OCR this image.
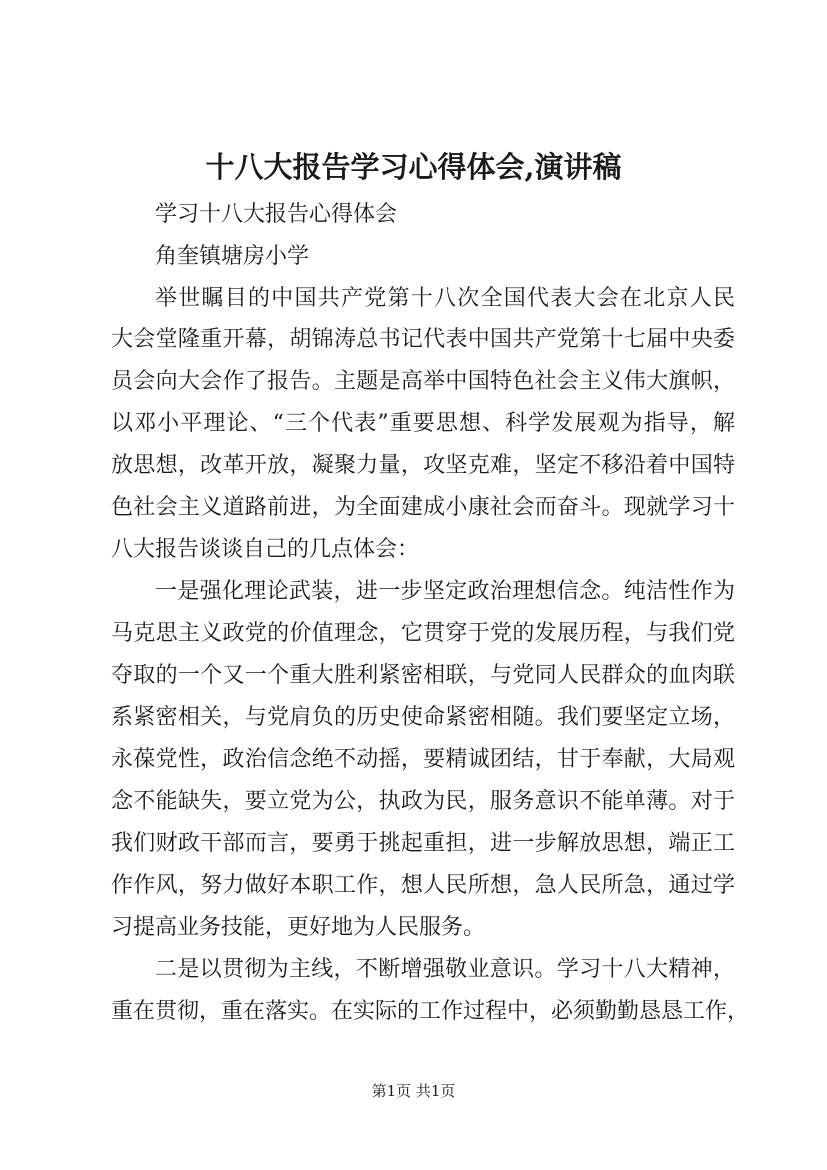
十八大报告学习心得体会,演讲稿
学习十八大报告心得体会
角奎镇塘房小学
举世瞩目的中国共产党第十八次全国代表大会在北京人民
大会堂隆重开幕，胡锦涛总书记代表中国共产党第十七届中央委
员会向大会作了报告。主题是高举中国特色社会主义伟大旗帜，
以邓小平理论、“三个代表”重要思想、科学发展观为指导，解
放思想，改革开放，凝聚力量，攻坚克难，坚定不移沿着中国特
色社会主义道路前进，为全面建成小康社会而奋斗。现就学习十
八大报告谈谈自己的几点体会：
一是强化理论武装，进一步坚定政治理想信念。纯洁性作为
马克思主义政党的价值理念，它贯穿于党的发展历程，与我们党
夺取的一个又一个重大胜利紧密相联，与党同人民群众的血肉联
系紧密相关，与党肩负的历史使命紧密相随。我们要坚定立场，
永葆党性，政治信念绝不动摇，要精诚团结，甘于奉献，大局观
念不能缺失，要立党为公，执政为民，服务意识不能单薄。对于
我们财政干部而言，要勇于挑起重担，进一步解放思想，端正工
作作风，努力做好本职工作，想人民所想，急人民所急，通过学
习提高业务技能，更好地为人民服务。
二是以贯彻为主线，不断增强敬业意识。学习十八大精神，
重在贯彻，重在落实。在实际的工作过程中，必须勤勤恳恳工作，
第1页 共1页
